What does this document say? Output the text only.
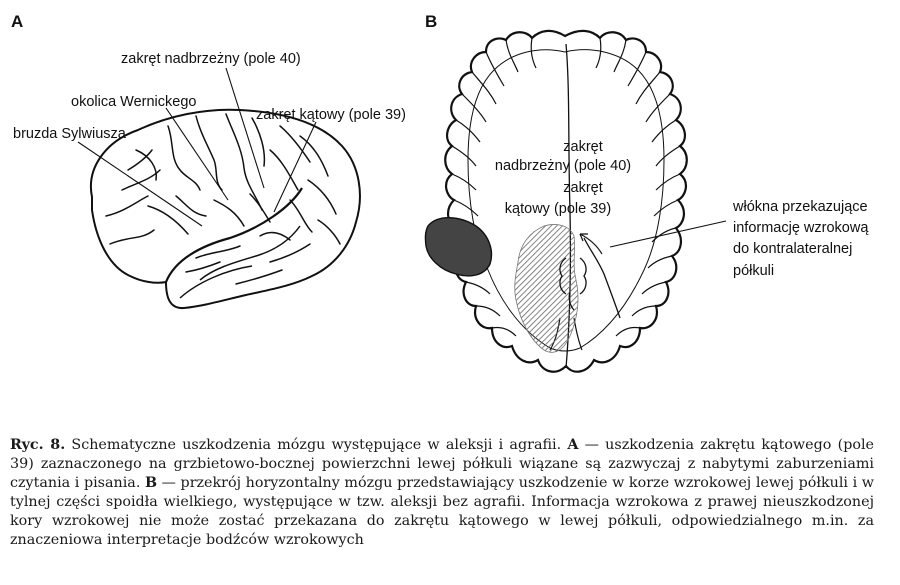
A	B
zakręt nadbrzeżny (pole 40)
okolica Wernickego
zakręt kątowy (pole 39)
bruzda Sylwiusza
zakręt
nadbrzeżny (pole 40)
zakręt
kątowy (pole 39)	włókna przekazujące
informację wzrokową
do kontralateralnej
półkuli
Ryc. 8. Schematyczne uszkodzenia mózgu występujące w aleksji i agrafii. A — uszkodzenia zakrętu kątowego (pole 39) zaznaczonego na grzbietowo-bocznej powierzchni lewej półkuli wiązane są zazwyczaj z nabytymi zaburzeniami czytania i pisania. B — przekrój horyzontalny mózgu przedstawiający uszkodzenie w korze wzrokowej lewej półkuli i w tylnej części spoidła wielkiego, występujące w tzw. aleksji bez agrafii. Informacja wzrokowa z prawej nieuszkodzonej kory wzrokowej nie może zostać przekazana do zakrętu kątowego w lewej półkuli, odpowiedzialnego m.in. za znaczeniowa interpretacje bodźców wzrokowych
